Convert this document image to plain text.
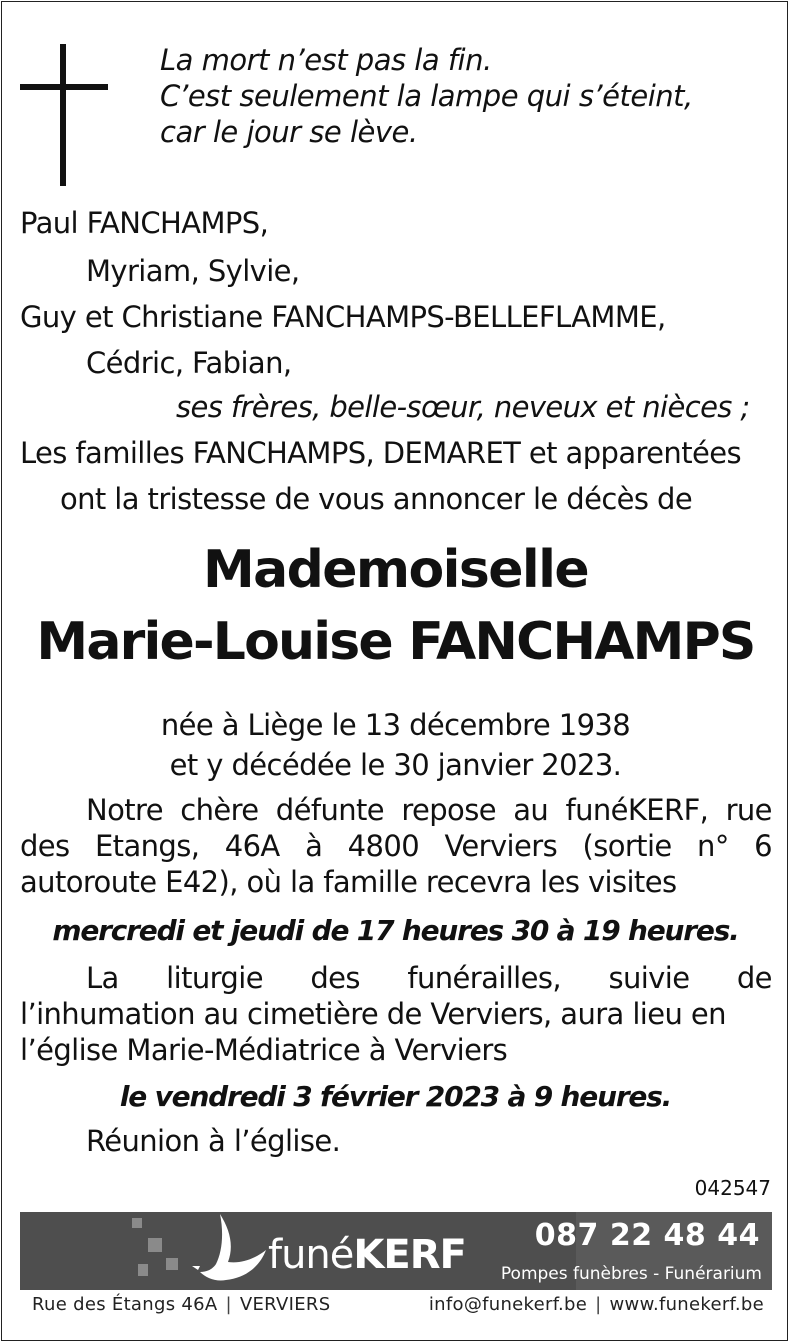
La mort n’est pas la fin.
C’est seulement la lampe qui s’éteint,
car le jour se lève.
Paul FANCHAMPS,
Myriam, Sylvie,
Guy et Christiane FANCHAMPS-BELLEFLAMME,
Cédric, Fabian,
ses frères, belle-sœur, neveux et nièces ;
Les familles FANCHAMPS, DEMARET et apparentées
ont la tristesse de vous annoncer le décès de
Mademoiselle
Marie-Louise FANCHAMPS
née à Liège le 13 décembre 1938
et y décédée le 30 janvier 2023.
Notre chère défunte repose au funéKERF, rue
des Etangs, 46A à 4800 Verviers (sortie n° 6
autoroute E42), où la famille recevra les visites
mercredi et jeudi de 17 heures 30 à 19 heures.
La liturgie des funérailles, suivie de
l’inhumation au cimetière de Verviers, aura lieu en
l’église Marie-Médiatrice à Verviers
le vendredi 3 février 2023 à 9 heures.
Réunion à l’église.
042547
funéKERF 087 22 48 44
Pompes funèbres - Funérarium
Rue des Étangs 46A | VERVIERS	info@funekerf.be | www.funekerf.be
